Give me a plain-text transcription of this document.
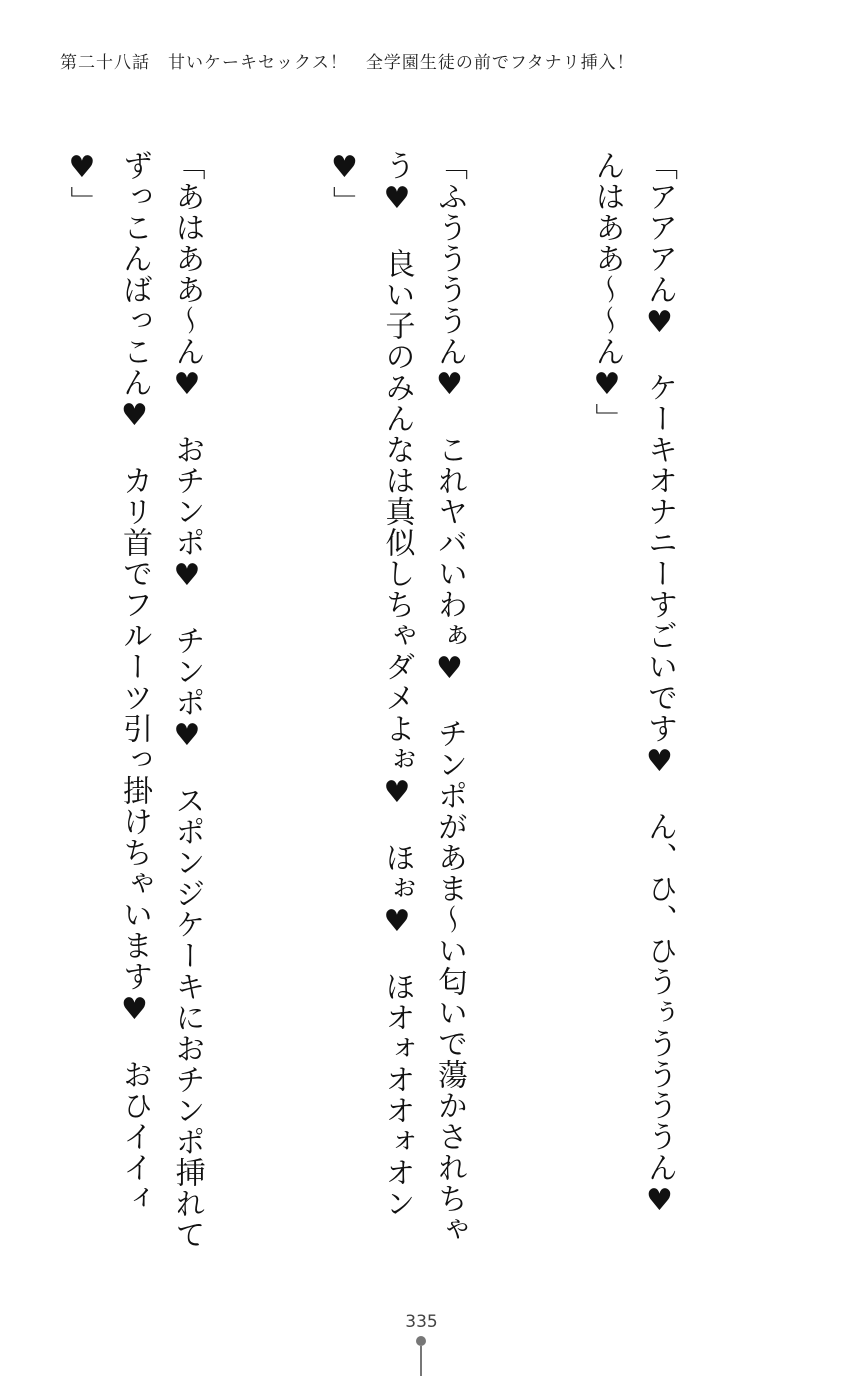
第二十八話　甘いケーキセックス！　全学園生徒の前でフタナリ挿入！

「アアアん♥　ケーキオナニーすごいです♥　ん、ひ、ひうぅううううん♥　んはああ〜〜ん♥」

「ふううううん♥　これヤバいわぁ♥　チンポがあま〜い匂いで蕩かされちゃう♥　良い子のみんなは真似しちゃダメよぉ♥　ほぉ♥　ほオォオオォオン♥」

「あはああ〜ん♥　おチンポ♥　チンポ♥　スポンジケーキにおチンポ挿れてずっこんばっこん♥　カリ首でフルーツ引っ掛けちゃいます♥　おひイイィ♥」

335
